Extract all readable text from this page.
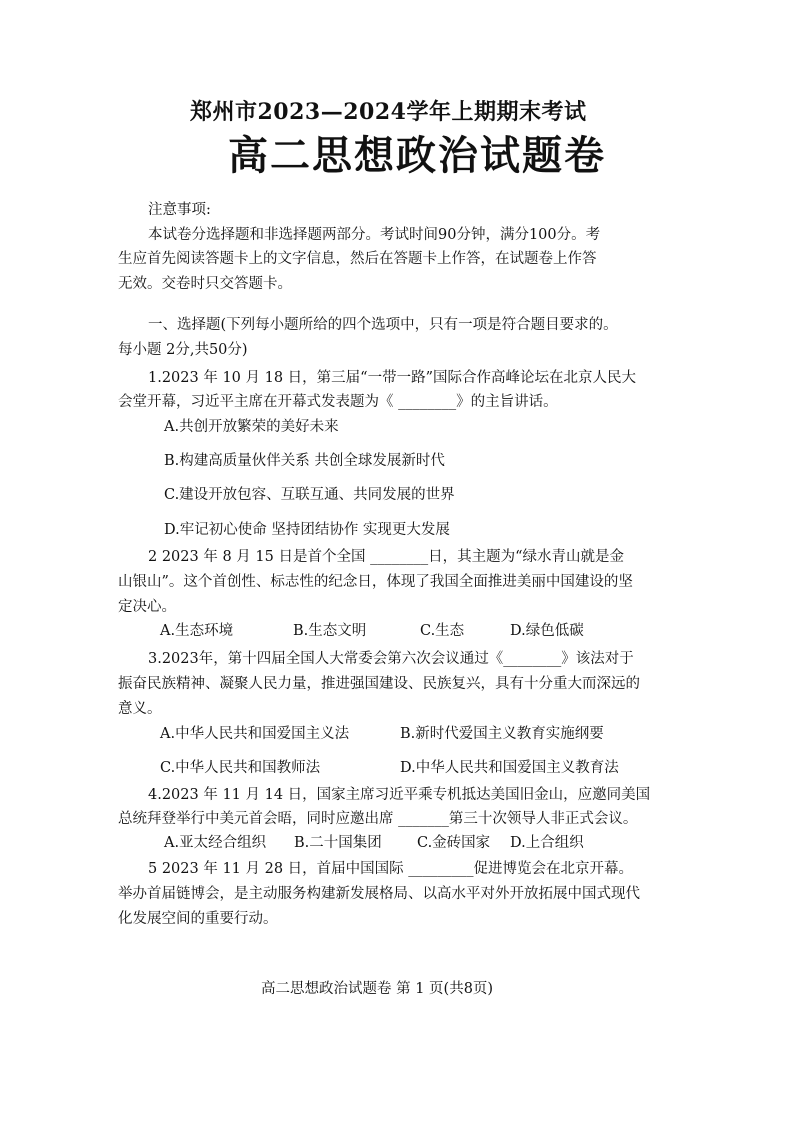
郑州市2023—2024学年上期期末考试
高二思想政治试题卷
注意事项:
本试卷分选择题和非选择题两部分。考试时间90分钟，满分100分。考
生应首先阅读答题卡上的文字信息，然后在答题卡上作答，在试题卷上作答
无效。交卷时只交答题卡。
一、选择题(下列每小题所给的四个选项中，只有一项是符合题目要求的。
每小题 2分,共50分)
1.2023 年 10 月 18 日，第三届“一带一路”国际合作高峰论坛在北京人民大
会堂开幕，习近平主席在开幕式发表题为《 ________》的主旨讲话。
A.共创开放繁荣的美好未来
B.构建高质量伙伴关系 共创全球发展新时代
C.建设开放包容、互联互通、共同发展的世界
D.牢记初心使命 坚持团结协作 实现更大发展
2 2023 年 8 月 15 日是首个全国 ________日，其主题为“绿水青山就是金
山银山”。这个首创性、标志性的纪念日，体现了我国全面推进美丽中国建设的坚
定决心。
A.生态环境	B.生态文明	C.生态	D.绿色低碳
3.2023年，第十四届全国人大常委会第六次会议通过《________》该法对于
振奋民族精神、凝聚人民力量，推进强国建设、民族复兴，具有十分重大而深远的
意义。
A.中华人民共和国爱国主义法	B.新时代爱国主义教育实施纲要
C.中华人民共和国教师法	D.中华人民共和国爱国主义教育法
4.2023 年 11 月 14 日，国家主席习近平乘专机抵达美国旧金山，应邀同美国
总统拜登举行中美元首会晤，同时应邀出席 _______第三十次领导人非正式会议。
A.亚太经合组织 B.二十国集团 C.金砖国家 D.上合组织
5 2023 年 11 月 28 日，首届中国国际 _________促进博览会在北京开幕。
举办首届链博会，是主动服务构建新发展格局、以高水平对外开放拓展中国式现代
化发展空间的重要行动。
高二思想政治试题卷 第 1 页(共8页)
